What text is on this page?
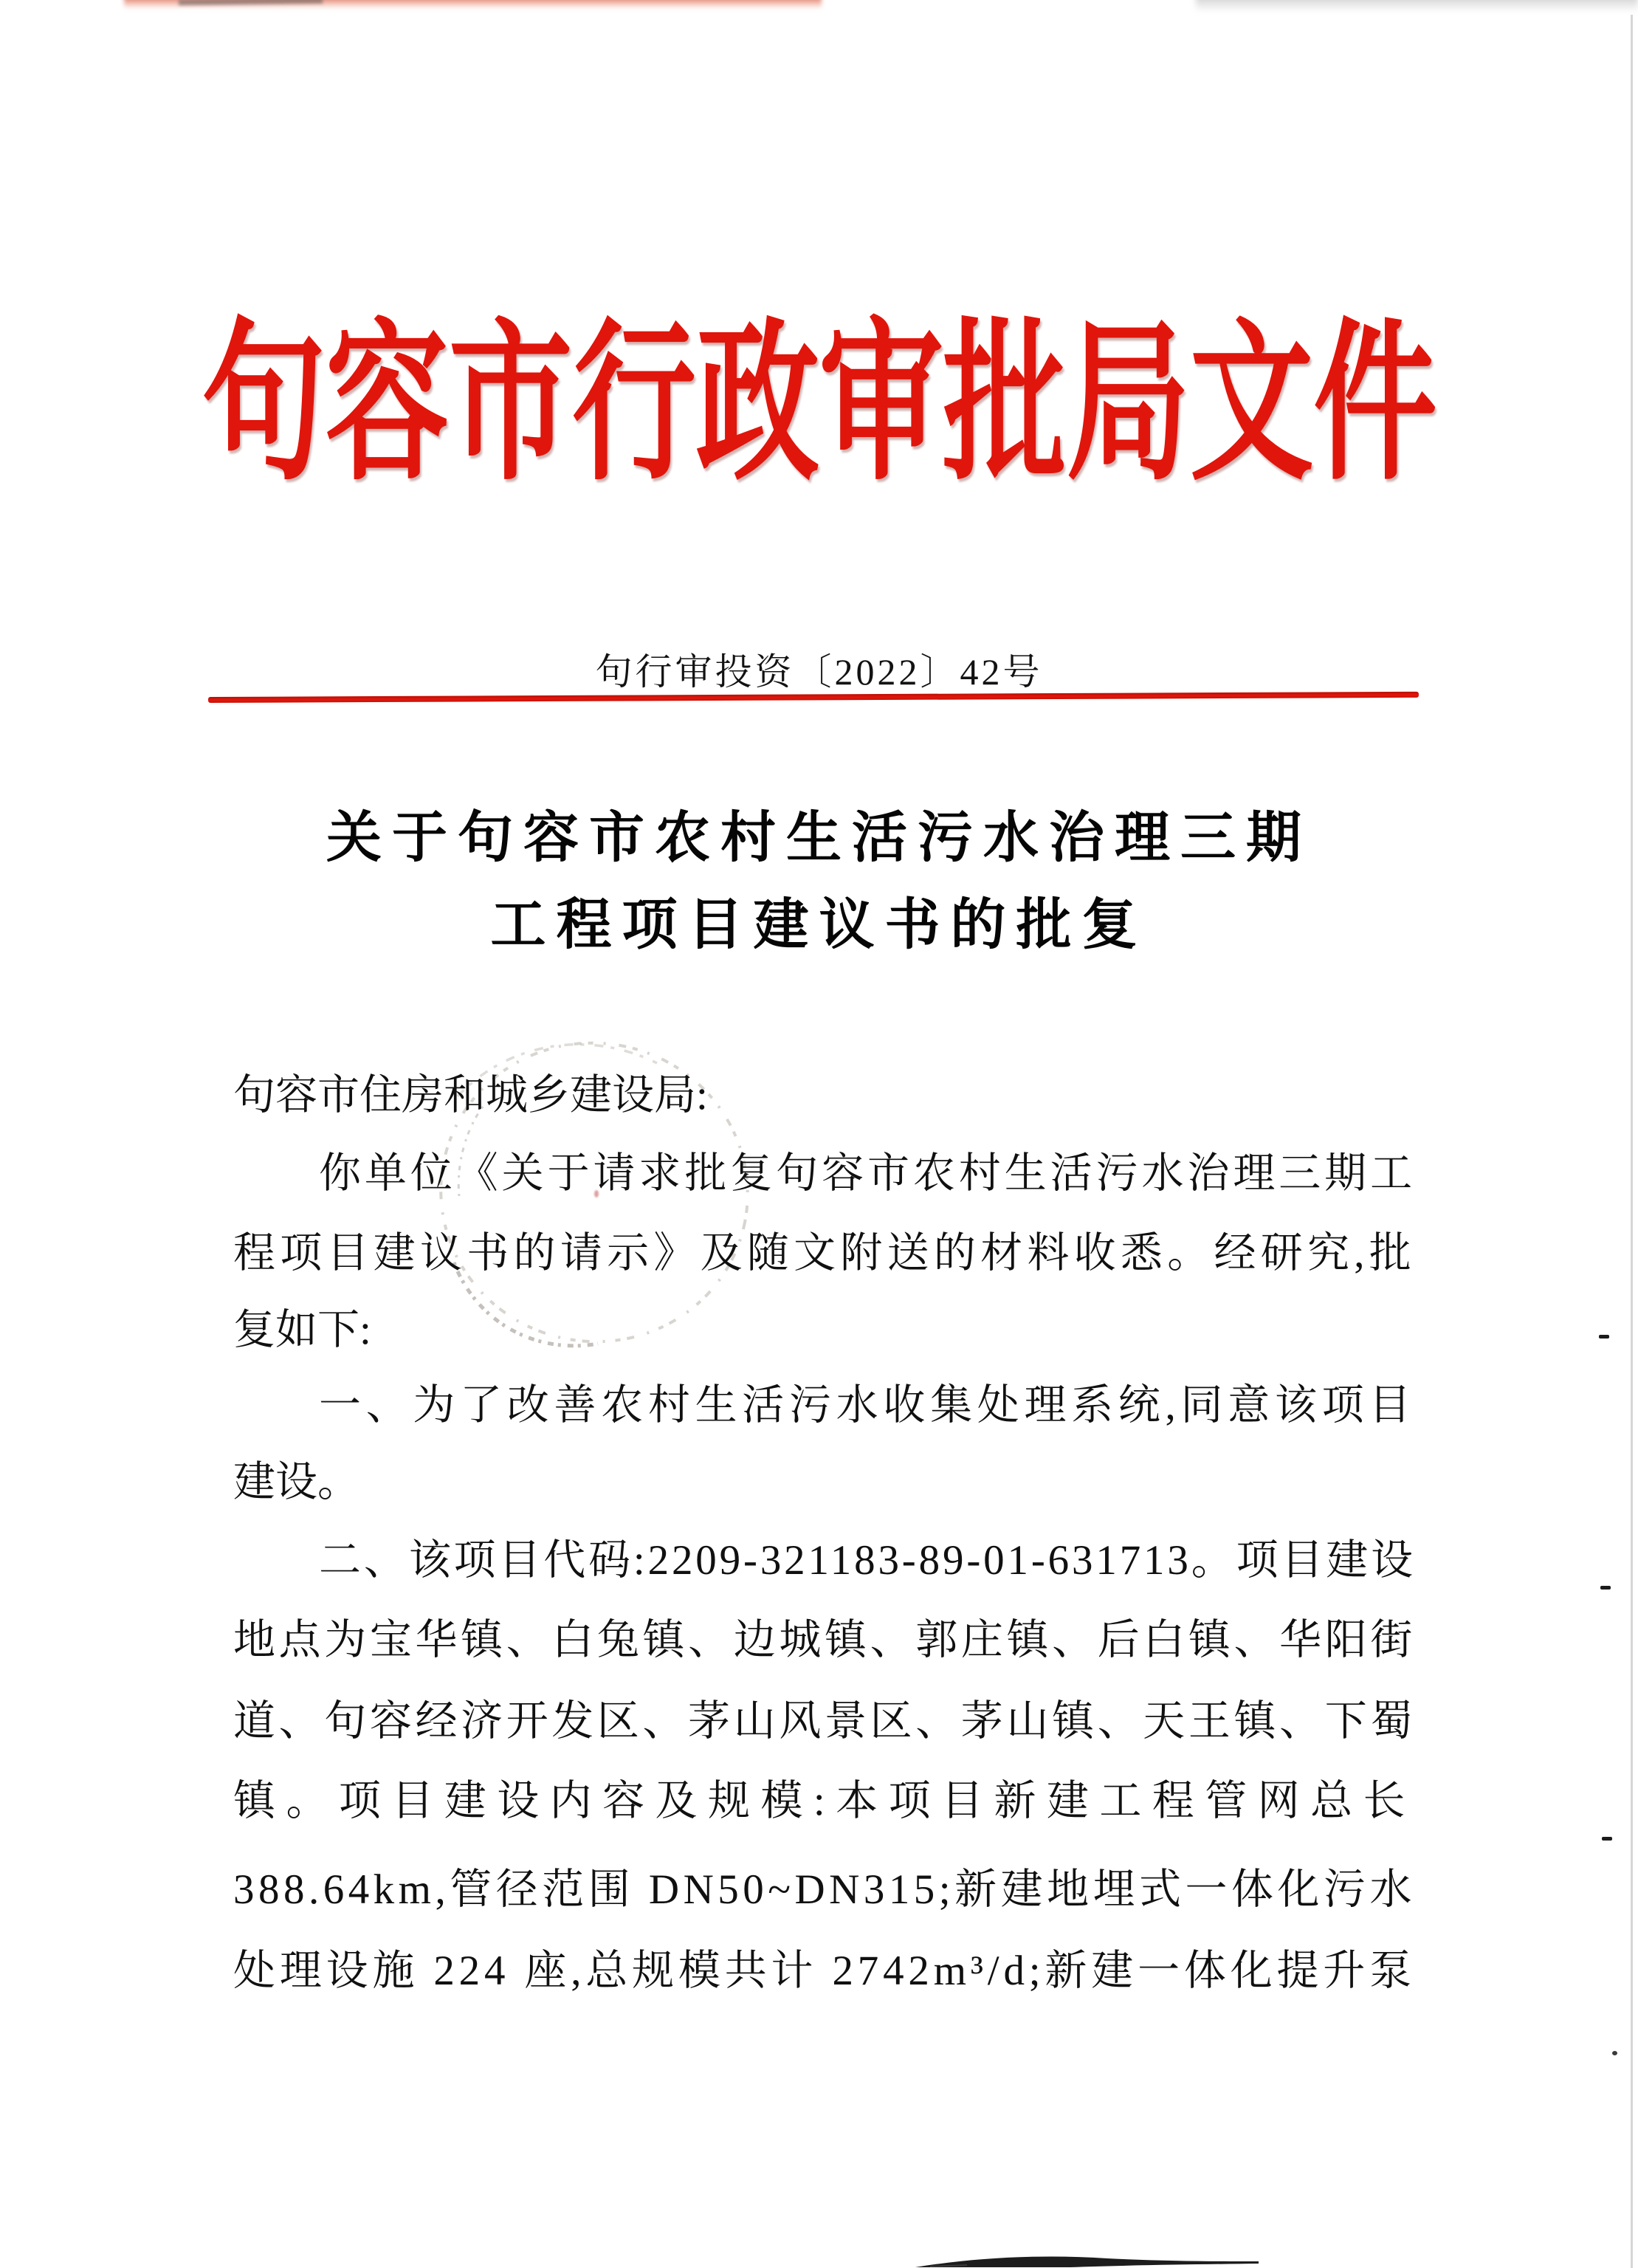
句容市行政审批局文件
句行审投资〔2022〕42号
关于句容市农村生活污水治理三期
工程项目建议书的批复
句容市住房和城乡建设局:
你单位《关于请求批复句容市农村生活污水治理三期工
程项目建议书的请示》及随文附送的材料收悉。经研究,批
复如下:
一、为了改善农村生活污水收集处理系统,同意该项目
建设。
二、该项目代码:2209-321183-89-01-631713。项目建设
地点为宝华镇、白兔镇、边城镇、郭庄镇、后白镇、华阳街
道、句容经济开发区、茅山风景区、茅山镇、天王镇、下蜀
镇。项目建设内容及规模:本项目新建工程管网总长
388.64km,管径范围 DN50~DN315;新建地埋式一体化污水
处理设施 224 座,总规模共计 2742m³/d;新建一体化提升泵
